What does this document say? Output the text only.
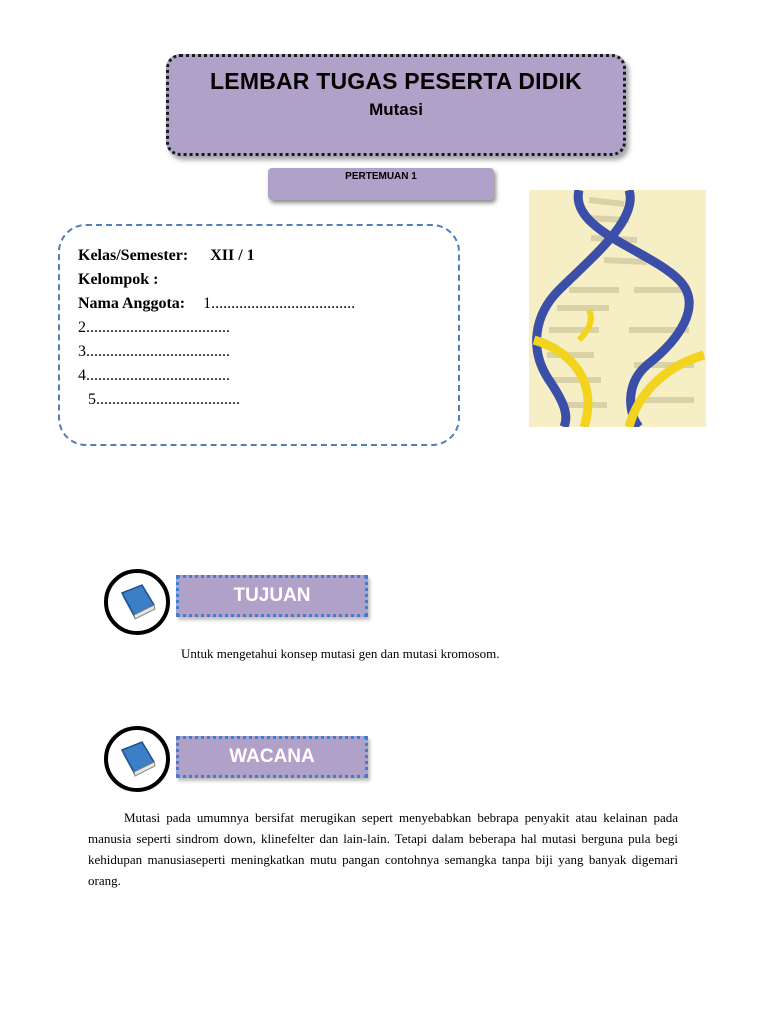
LEMBAR TUGAS PESERTA DIDIK
Mutasi
PERTEMUAN 1
Kelas/Semester: XII / 1
Kelompok :
Nama Anggota: 1....................................
2....................................
3....................................
4....................................
5....................................
TUJUAN
Untuk mengetahui konsep mutasi gen dan mutasi kromosom.
WACANA
Mutasi pada umumnya bersifat merugikan sepert menyebabkan bebrapa penyakit atau kelainan pada manusia seperti sindrom down, klinefelter dan lain-lain. Tetapi dalam beberapa hal mutasi berguna pula begi kehidupan manusiaseperti meningkatkan mutu pangan contohnya semangka tanpa biji yang banyak digemari orang.
